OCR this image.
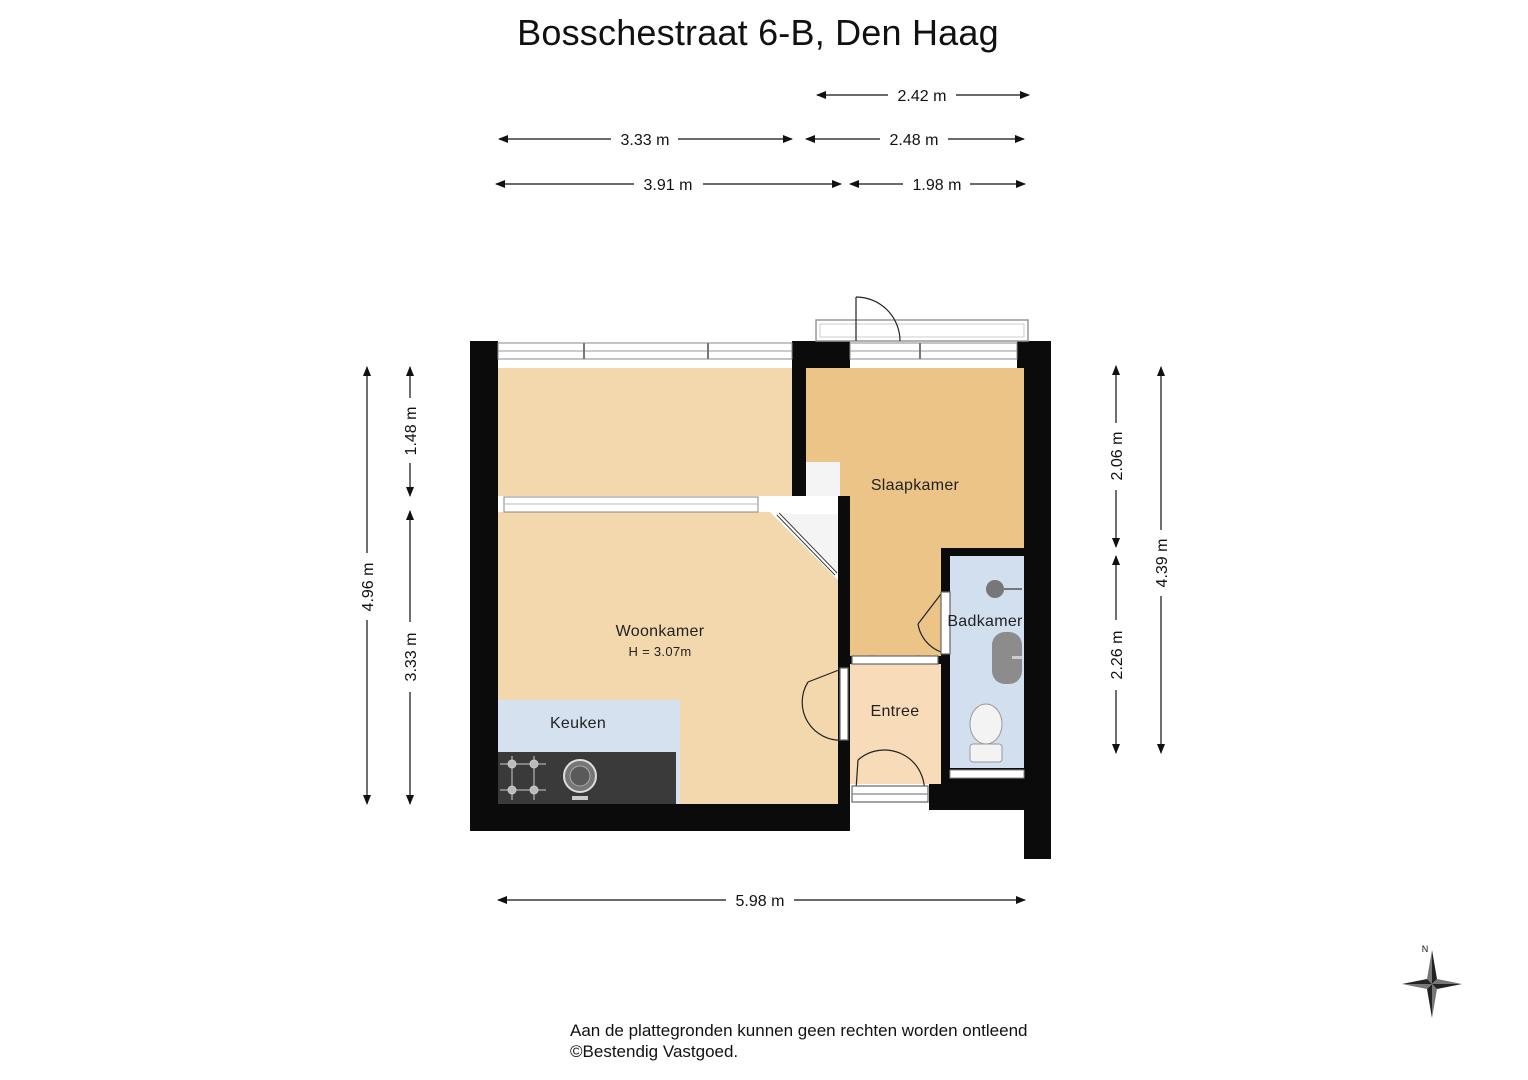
Bosschestraat 6-B, Den Haag
Woonkamer
H = 3.07m
Slaapkamer
Badkamer
Entree
Keuken
2.42 m
3.33 m	2.48 m
3.91 m	1.98 m
5.98 m
4.96 m
1.48 m
3.33 m
4.39 m
2.06 m
2.26 m
N
Aan de plattegronden kunnen geen rechten worden ontleend
©Bestendig Vastgoed.
